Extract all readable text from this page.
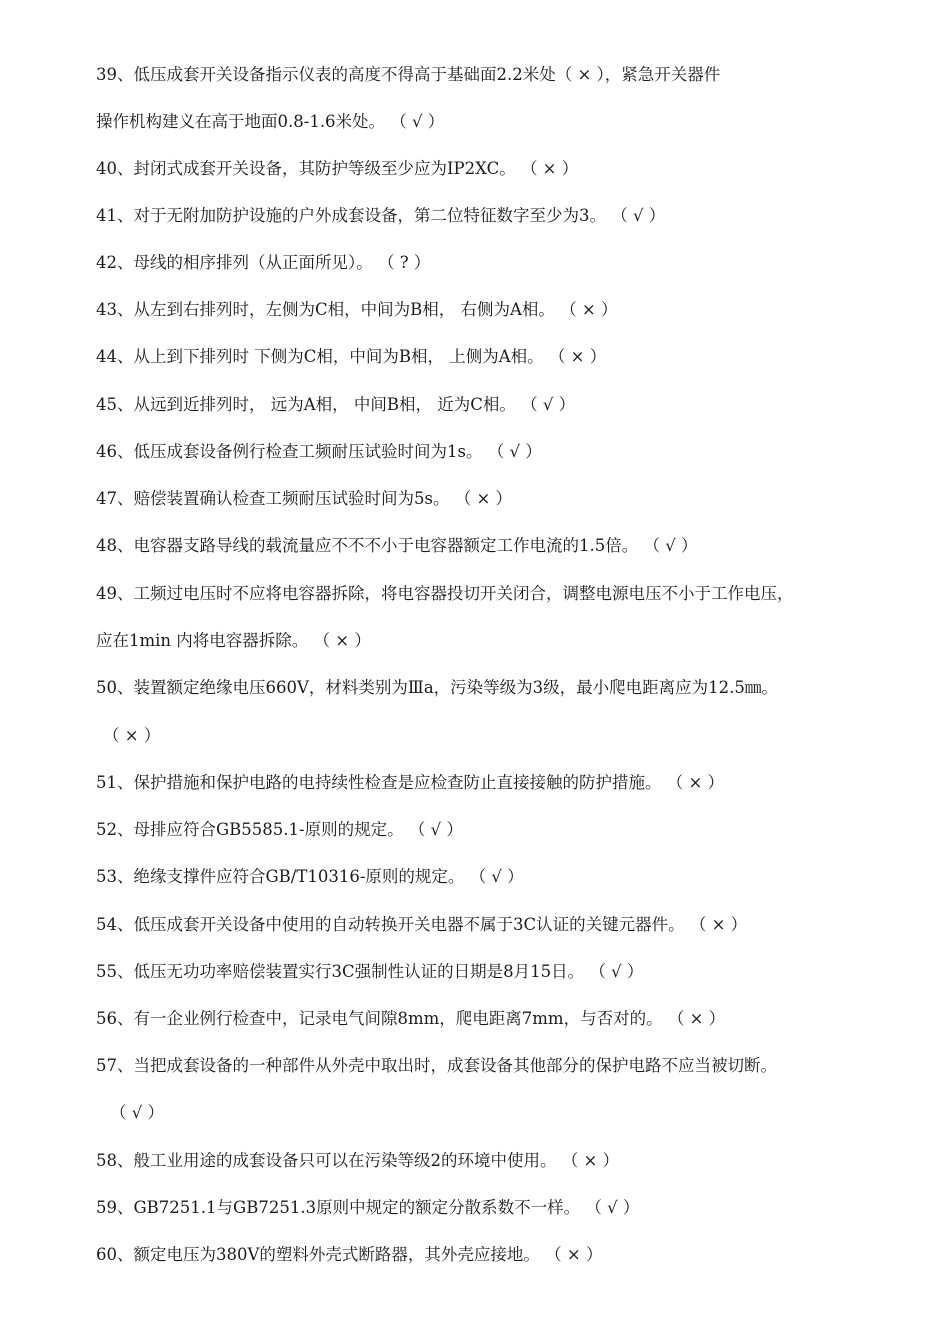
39、低压成套开关设备指示仪表的高度不得高于基础面2.2米处（ × ），紧急开关器件
操作机构建义在高于地面0.8-1.6米处。 （ √ ）
40、封闭式成套开关设备，其防护等级至少应为IP2XC。 （ × ）
41、对于无附加防护设施的户外成套设备，第二位特征数字至少为3。 （ √ ）
42、母线的相序排列（从正面所见）。 （ ? ）
43、从左到右排列时，左侧为C相，中间为B相， 右侧为A相。 （ × ）
44、从上到下排列时 下侧为C相，中间为B相， 上侧为A相。 （ × ）
45、从远到近排列时， 远为A相， 中间B相， 近为C相。 （ √ ）
46、低压成套设备例行检查工频耐压试验时间为1s。 （ √ ）
47、赔偿装置确认检查工频耐压试验时间为5s。 （ × ）
48、电容器支路导线的载流量应不不不小于电容器额定工作电流的1.5倍。 （ √ ）
49、工频过电压时不应将电容器拆除，将电容器投切开关闭合，调整电源电压不小于工作电压，
应在1min 内将电容器拆除。 （ × ）
50、装置额定绝缘电压660V，材料类别为Ⅲa，污染等级为3级，最小爬电距离应为12.5㎜。
（ × ）
51、保护措施和保护电路的电持续性检查是应检查防止直接接触的防护措施。 （ × ）
52、母排应符合GB5585.1-原则的规定。 （ √ ）
53、绝缘支撑件应符合GB/T10316-原则的规定。 （ √ ）
54、低压成套开关设备中使用的自动转换开关电器不属于3C认证的关键元器件。 （ × ）
55、低压无功功率赔偿装置实行3C强制性认证的日期是8月15日。 （ √ ）
56、有一企业例行检查中，记录电气间隙8mm，爬电距离7mm，与否对的。 （ × ）
57、当把成套设备的一种部件从外壳中取出时，成套设备其他部分的保护电路不应当被切断。
（ √ ）
58、般工业用途的成套设备只可以在污染等级2的环境中使用。 （ × ）
59、GB7251.1与GB7251.3原则中规定的额定分散系数不一样。 （ √ ）
60、额定电压为380V的塑料外壳式断路器，其外壳应接地。 （ × ）
